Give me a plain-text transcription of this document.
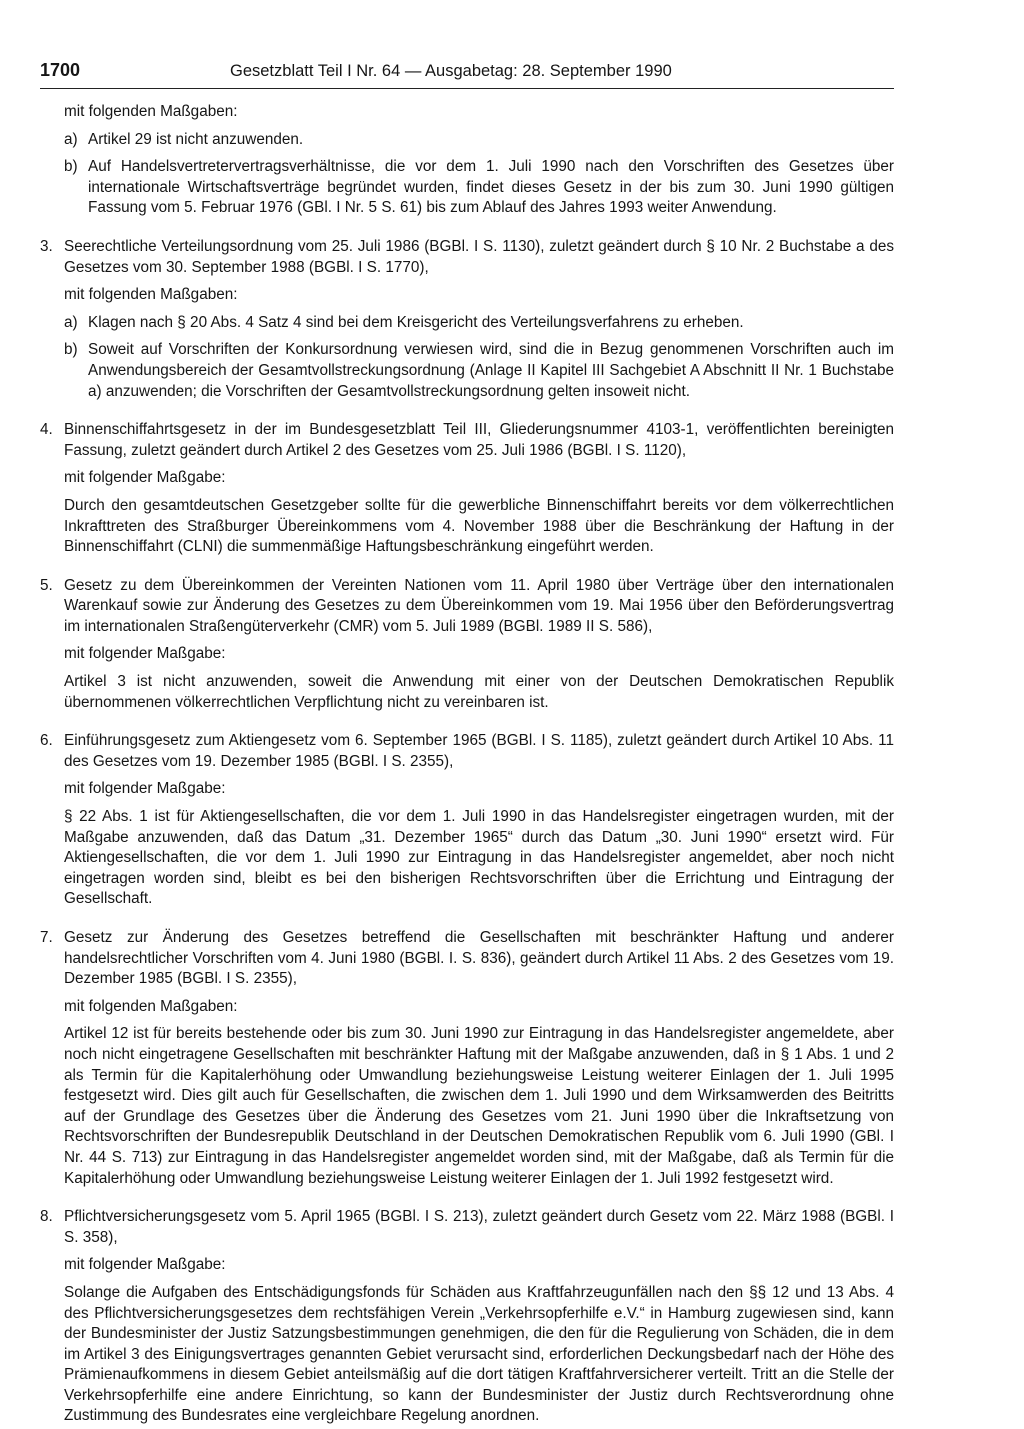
1700	Gesetzblatt Teil I Nr. 64 — Ausgabetag: 28. September 1990
mit folgenden Maßgaben:
a) Artikel 29 ist nicht anzuwenden.
b) Auf Handelsvertretervertragsverhältnisse, die vor dem 1. Juli 1990 nach den Vorschriften des Gesetzes über internationale Wirtschaftsverträge begründet wurden, findet dieses Gesetz in der bis zum 30. Juni 1990 gültigen Fassung vom 5. Februar 1976 (GBl. I Nr. 5 S. 61) bis zum Ablauf des Jahres 1993 weiter Anwendung.
3. Seerechtliche Verteilungsordnung vom 25. Juli 1986 (BGBl. I S. 1130), zuletzt geändert durch § 10 Nr. 2 Buchstabe a des Gesetzes vom 30. September 1988 (BGBl. I S. 1770),
mit folgenden Maßgaben:
a) Klagen nach § 20 Abs. 4 Satz 4 sind bei dem Kreisgericht des Verteilungsverfahrens zu erheben.
b) Soweit auf Vorschriften der Konkursordnung verwiesen wird, sind die in Bezug genommenen Vorschriften auch im Anwendungsbereich der Gesamtvollstreckungsordnung (Anlage II Kapitel III Sachgebiet A Abschnitt II Nr. 1 Buchstabe a) anzuwenden; die Vorschriften der Gesamtvollstreckungsordnung gelten insoweit nicht.
4. Binnenschiffahrtsgesetz in der im Bundesgesetzblatt Teil III, Gliederungsnummer 4103-1, veröffentlichten bereinigten Fassung, zuletzt geändert durch Artikel 2 des Gesetzes vom 25. Juli 1986 (BGBl. I S. 1120),
mit folgender Maßgabe:
Durch den gesamtdeutschen Gesetzgeber sollte für die gewerbliche Binnenschiffahrt bereits vor dem völkerrechtlichen Inkrafttreten des Straßburger Übereinkommens vom 4. November 1988 über die Beschränkung der Haftung in der Binnenschiffahrt (CLNI) die summenmäßige Haftungsbeschränkung eingeführt werden.
5. Gesetz zu dem Übereinkommen der Vereinten Nationen vom 11. April 1980 über Verträge über den internationalen Warenkauf sowie zur Änderung des Gesetzes zu dem Übereinkommen vom 19. Mai 1956 über den Beförderungsvertrag im internationalen Straßengüterverkehr (CMR) vom 5. Juli 1989 (BGBl. 1989 II S. 586),
mit folgender Maßgabe:
Artikel 3 ist nicht anzuwenden, soweit die Anwendung mit einer von der Deutschen Demokratischen Republik übernommenen völkerrechtlichen Verpflichtung nicht zu vereinbaren ist.
6. Einführungsgesetz zum Aktiengesetz vom 6. September 1965 (BGBl. I S. 1185), zuletzt geändert durch Artikel 10 Abs. 11 des Gesetzes vom 19. Dezember 1985 (BGBl. I S. 2355),
mit folgender Maßgabe:
§ 22 Abs. 1 ist für Aktiengesellschaften, die vor dem 1. Juli 1990 in das Handelsregister eingetragen wurden, mit der Maßgabe anzuwenden, daß das Datum „31. Dezember 1965“ durch das Datum „30. Juni 1990“ ersetzt wird. Für Aktiengesellschaften, die vor dem 1. Juli 1990 zur Eintragung in das Handelsregister angemeldet, aber noch nicht eingetragen worden sind, bleibt es bei den bisherigen Rechtsvorschriften über die Errichtung und Eintragung der Gesellschaft.
7. Gesetz zur Änderung des Gesetzes betreffend die Gesellschaften mit beschränkter Haftung und anderer handelsrechtlicher Vorschriften vom 4. Juni 1980 (BGBl. I. S. 836), geändert durch Artikel 11 Abs. 2 des Gesetzes vom 19. Dezember 1985 (BGBl. I S. 2355),
mit folgenden Maßgaben:
Artikel 12 ist für bereits bestehende oder bis zum 30. Juni 1990 zur Eintragung in das Handelsregister angemeldete, aber noch nicht eingetragene Gesellschaften mit beschränkter Haftung mit der Maßgabe anzuwenden, daß in § 1 Abs. 1 und 2 als Termin für die Kapitalerhöhung oder Umwandlung beziehungsweise Leistung weiterer Einlagen der 1. Juli 1995 festgesetzt wird. Dies gilt auch für Gesellschaften, die zwischen dem 1. Juli 1990 und dem Wirksamwerden des Beitritts auf der Grundlage des Gesetzes über die Änderung des Gesetzes vom 21. Juni 1990 über die Inkraftsetzung von Rechtsvorschriften der Bundesrepublik Deutschland in der Deutschen Demokratischen Republik vom 6. Juli 1990 (GBl. I Nr. 44 S. 713) zur Eintragung in das Handelsregister angemeldet worden sind, mit der Maßgabe, daß als Termin für die Kapitalerhöhung oder Umwandlung beziehungsweise Leistung weiterer Einlagen der 1. Juli 1992 festgesetzt wird.
8. Pflichtversicherungsgesetz vom 5. April 1965 (BGBl. I S. 213), zuletzt geändert durch Gesetz vom 22. März 1988 (BGBl. I S. 358),
mit folgender Maßgabe:
Solange die Aufgaben des Entschädigungsfonds für Schäden aus Kraftfahrzeugunfällen nach den §§ 12 und 13 Abs. 4 des Pflichtversicherungsgesetzes dem rechtsfähigen Verein „Verkehrsopferhilfe e.V.“ in Hamburg zugewiesen sind, kann der Bundesminister der Justiz Satzungsbestimmungen genehmigen, die den für die Regulierung von Schäden, die in dem im Artikel 3 des Einigungsvertrages genannten Gebiet verursacht sind, erforderlichen Deckungsbedarf nach der Höhe des Prämienaufkommens in diesem Gebiet anteilsmäßig auf die dort tätigen Kraftfahrversicherer verteilt. Tritt an die Stelle der Verkehrsopferhilfe eine andere Einrichtung, so kann der Bundesminister der Justiz durch Rechtsverordnung ohne Zustimmung des Bundesrates eine vergleichbare Regelung anordnen.
